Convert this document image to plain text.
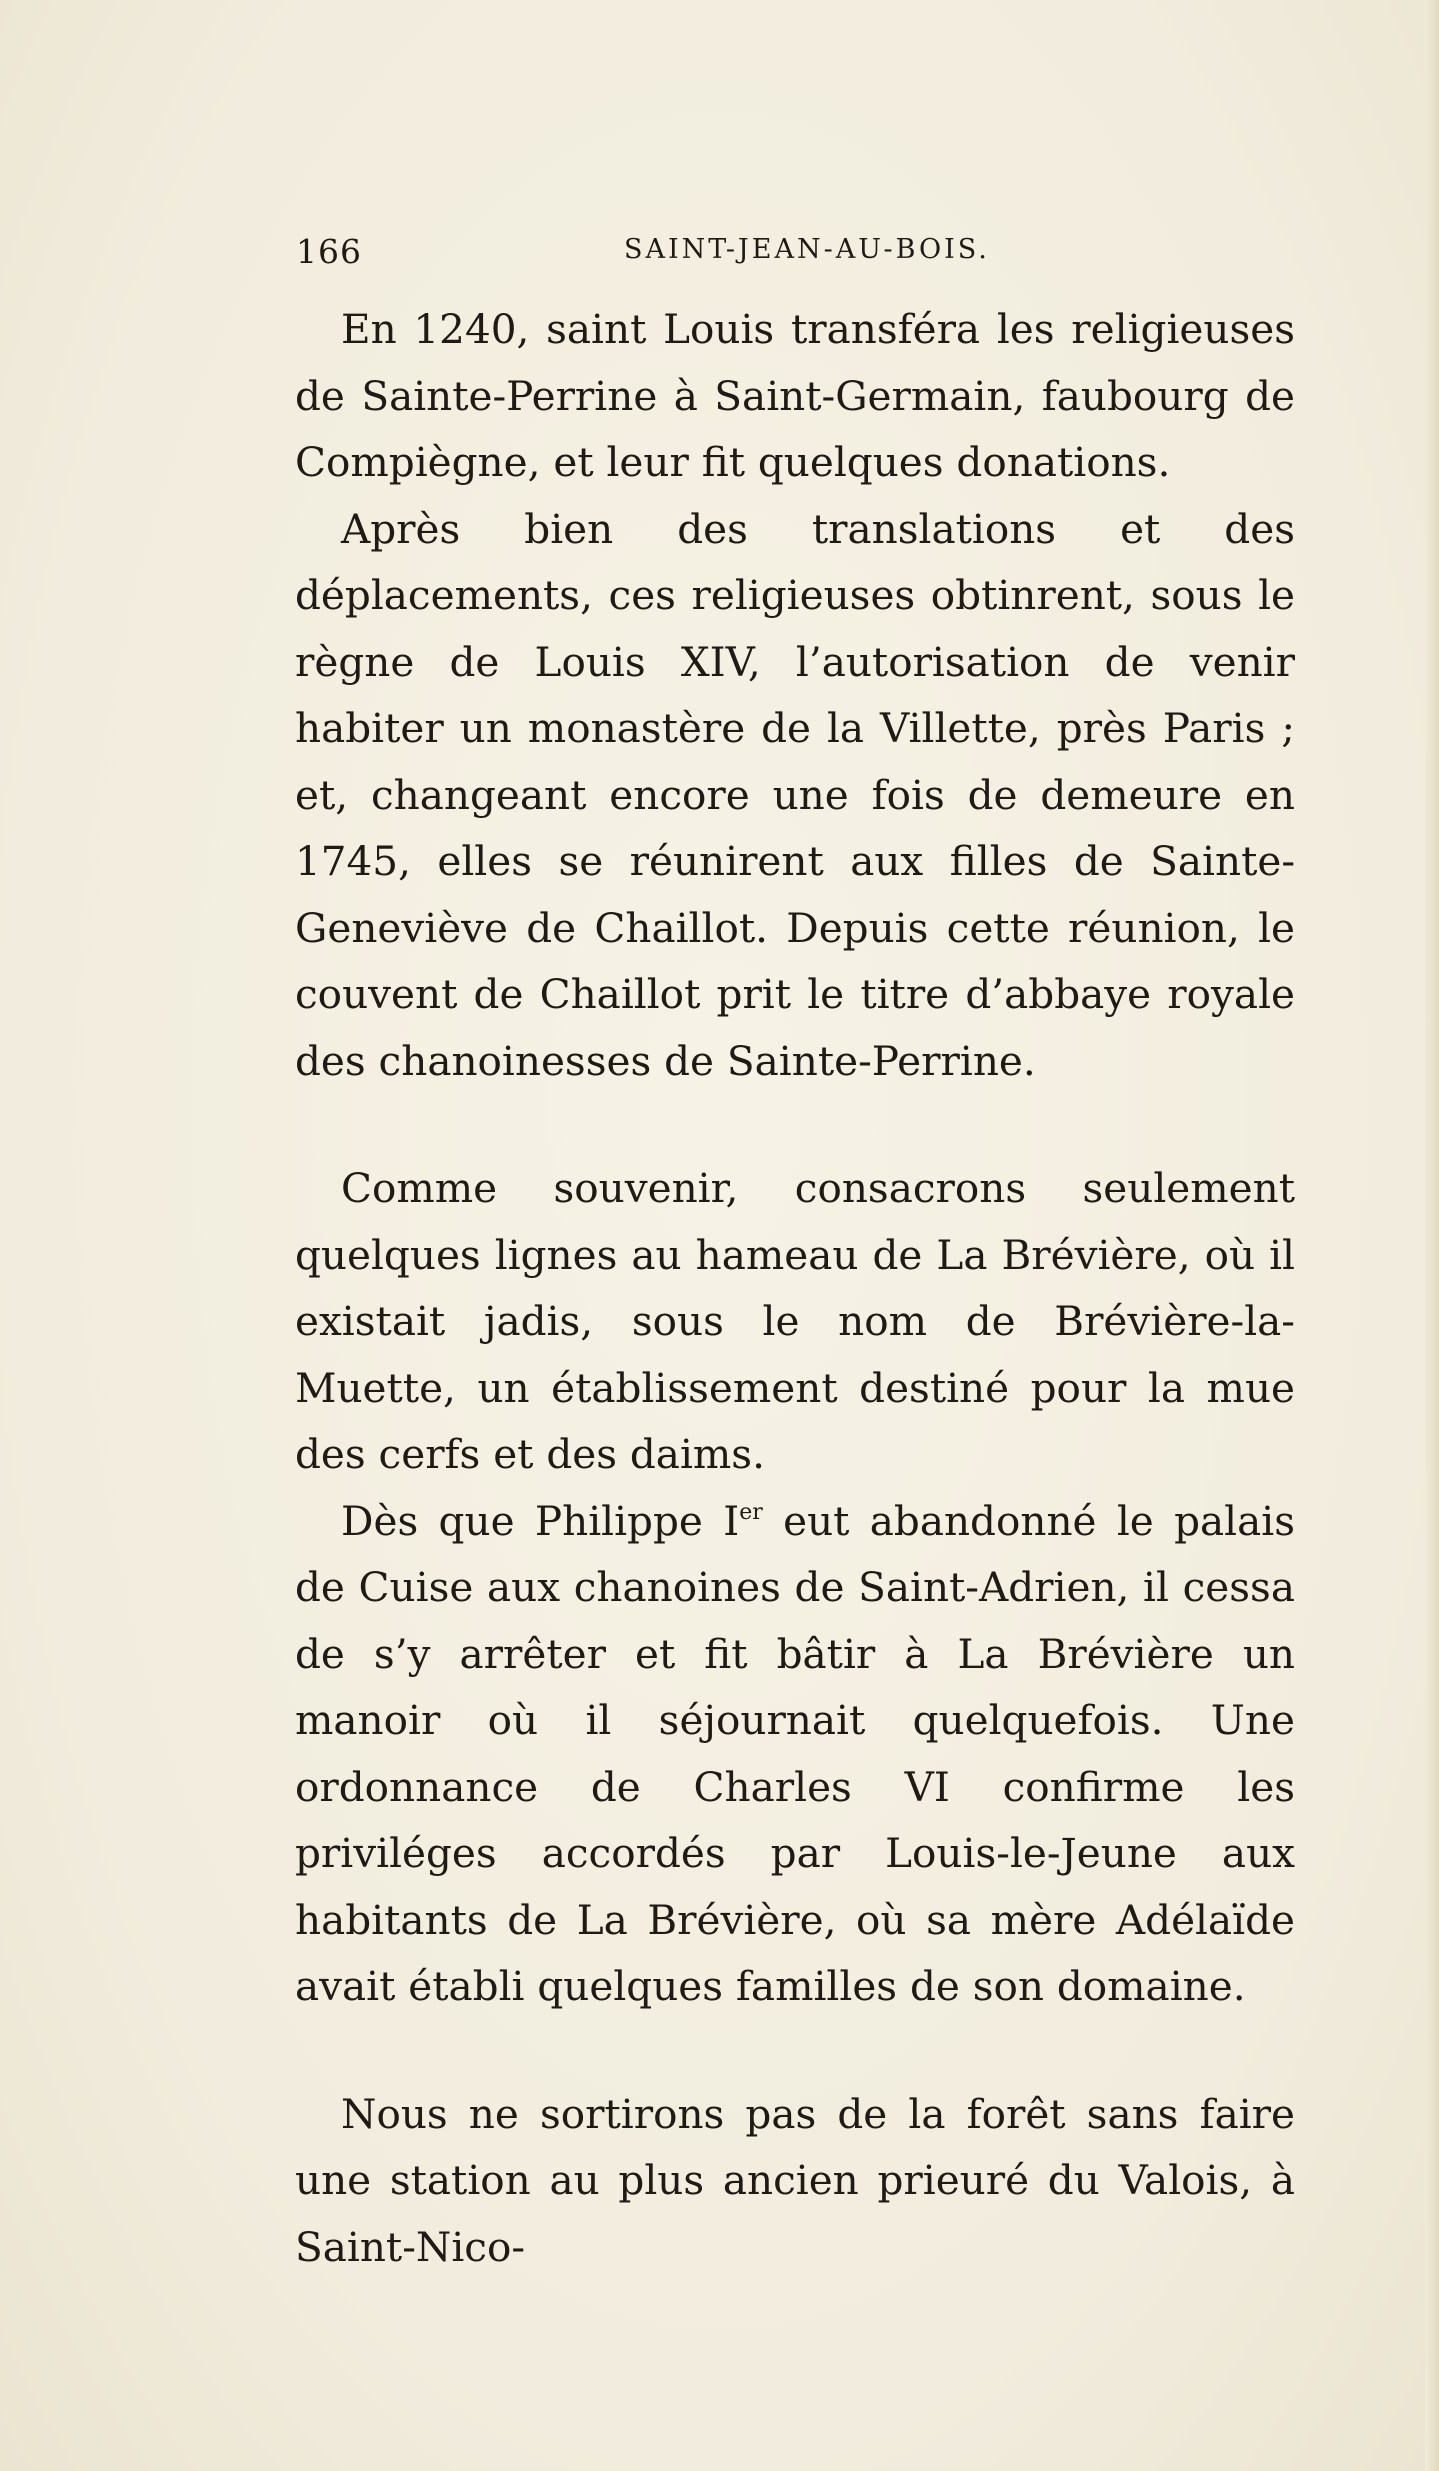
166	SAINT-JEAN-AU-BOIS.

En 1240, saint Louis transféra les religieuses de Sainte-Perrine à Saint-Germain, faubourg de Compiègne, et leur fit quelques donations.

Après bien des translations et des déplacements, ces religieuses obtinrent, sous le règne de Louis XIV, l’autorisation de venir habiter un monastère de la Villette, près Paris ; et, changeant encore une fois de demeure en 1745, elles se réunirent aux filles de Sainte-Geneviève de Chaillot. Depuis cette réunion, le couvent de Chaillot prit le titre d’abbaye royale des chanoinesses de Sainte-Perrine.

Comme souvenir, consacrons seulement quelques lignes au hameau de La Brévière, où il existait jadis, sous le nom de Brévière-la-Muette, un établissement destiné pour la mue des cerfs et des daims.

Dès que Philippe Ier eut abandonné le palais de Cuise aux chanoines de Saint-Adrien, il cessa de s’y arrêter et fit bâtir à La Brévière un manoir où il séjournait quelquefois. Une ordonnance de Charles VI confirme les priviléges accordés par Louis-le-Jeune aux habitants de La Brévière, où sa mère Adélaïde avait établi quelques familles de son domaine.

Nous ne sortirons pas de la forêt sans faire une station au plus ancien prieuré du Valois, à Saint-Nico-
